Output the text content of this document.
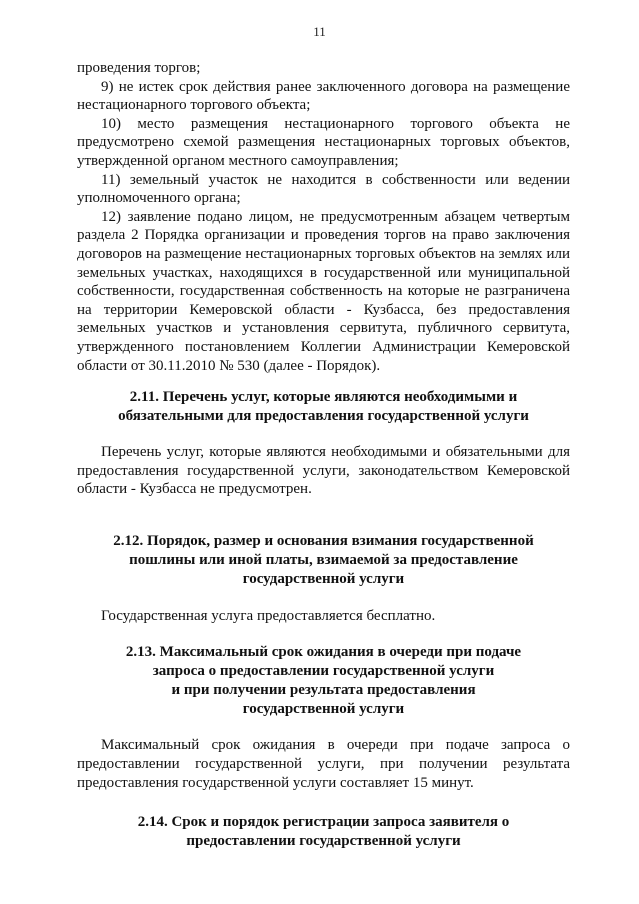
11

проведения торгов;

9) не истек срок действия ранее заключенного договора на размещение нестационарного торгового объекта;

10) место размещения нестационарного торгового объекта не предусмотрено схемой размещения нестационарных торговых объектов, утвержденной органом местного самоуправления;

11) земельный участок не находится в собственности или ведении уполномоченного органа;

12) заявление подано лицом, не предусмотренным абзацем четвертым раздела 2 Порядка организации и проведения торгов на право заключения договоров на размещение нестационарных торговых объектов на землях или земельных участках, находящихся в государственной или муниципальной собственности, государственная собственность на которые не разграничена на территории Кемеровской области - Кузбасса, без предоставления земельных участков и установления сервитута, публичного сервитута, утвержденного постановлением Коллегии Администрации Кемеровской области от 30.11.2010 № 530 (далее - Порядок).

2.11. Перечень услуг, которые являются необходимыми и
обязательными для предоставления государственной услуги

Перечень услуг, которые являются необходимыми и обязательными для предоставления государственной услуги, законодательством Кемеровской области - Кузбасса не предусмотрен.

2.12. Порядок, размер и основания взимания государственной
пошлины или иной платы, взимаемой за предоставление
государственной услуги

Государственная услуга предоставляется бесплатно.

2.13. Максимальный срок ожидания в очереди при подаче
запроса о предоставлении государственной услуги
и при получении результата предоставления
государственной услуги

Максимальный срок ожидания в очереди при подаче запроса о предоставлении государственной услуги, при получении результата предоставления государственной услуги составляет 15 минут.

2.14. Срок и порядок регистрации запроса заявителя о
предоставлении государственной услуги
